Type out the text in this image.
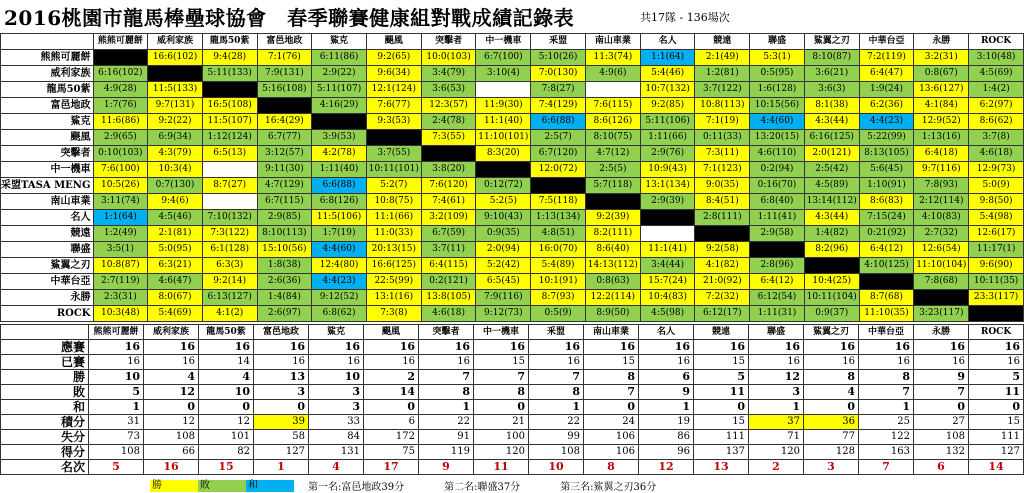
2016桃園市龍馬棒壘球協會　春季聯賽健康組對戰成績記錄表	共17隊 - 136場次
	熊熊可麗餅	威利家族	龍馬50紫	富邑地政	鯊克	颶風	突擊者	中一機車	釆盟	南山車業	名人	競遠	聯盛	鯊翼之刃	中華台亞	永勝	ROCK
熊熊可麗餅		16:6(102)	9:4(28)	7:1(76)	6:11(86)	9:2(65)	10:0(103)	6:7(100)	5:10(26)	11:3(74)	1:1(64)	2:1(49)	5:3(1)	8:10(87)	7:2(119)	3:2(31)	3:10(48)
威利家族	6:16(102)		5:11(133)	7:9(131)	2:9(22)	9:6(34)	3:4(79)	3:10(4)	7:0(130)	4:9(6)	5:4(46)	1:2(81)	0:5(95)	3:6(21)	6:4(47)	0:8(67)	4:5(69)
龍馬50紫	4:9(28)	11:5(133)		5:16(108)	5:11(107)	12:1(124)	3:6(53)		7:8(27)		10:7(132)	3:7(122)	1:6(128)	3:6(3)	1:9(24)	13:6(127)	1:4(2)
富邑地政	1:7(76)	9:7(131)	16:5(108)		4:16(29)	7:6(77)	12:3(57)	11:9(30)	7:4(129)	7:6(115)	9:2(85)	10:8(113)	10:15(56)	8:1(38)	6:2(36)	4:1(84)	6:2(97)
鯊克	11:6(86)	9:2(22)	11:5(107)	16:4(29)		9:3(53)	2:4(78)	11:1(40)	6:6(88)	8:6(126)	5:11(106)	7:1(19)	4:4(60)	4:3(44)	4:4(23)	12:9(52)	8:6(62)
颶風	2:9(65)	6:9(34)	1:12(124)	6:7(77)	3:9(53)		7:3(55)	11:10(101)	2:5(7)	8:10(75)	1:11(66)	0:11(33)	13:20(15)	6:16(125)	5:22(99)	1:13(16)	3:7(8)
突擊者	0:10(103)	4:3(79)	6:5(13)	3:12(57)	4:2(78)	3:7(55)		8:3(20)	6:7(120)	4:7(12)	2:9(76)	7:3(11)	4:6(110)	2:0(121)	8:13(105)	6:4(18)	4:6(18)
中一機車	7:6(100)	10:3(4)		9:11(30)	1:11(40)	10:11(101)	3:8(20)		12:0(72)	2:5(5)	10:9(43)	7:1(123)	0:2(94)	2:5(42)	5:6(45)	9:7(116)	12:9(73)
采盟TASA MENG	10:5(26)	0:7(130)	8:7(27)	4:7(129)	6:6(88)	5:2(7)	7:6(120)	0:12(72)		5:7(118)	13:1(134)	9:0(35)	0:16(70)	4:5(89)	1:10(91)	7:8(93)	5:0(9)
南山車業	3:11(74)	9:4(6)		6:7(115)	6:8(126)	10:8(75)	7:4(61)	5:2(5)	7:5(118)		2:9(39)	8:4(51)	6:8(40)	13:14(112)	8:6(83)	2:12(114)	9:8(50)
名人	1:1(64)	4:5(46)	7:10(132)	2:9(85)	11:5(106)	11:1(66)	3:2(109)	9:10(43)	1:13(134)	9:2(39)		2:8(111)	1:11(41)	4:3(44)	7:15(24)	4:10(83)	5:4(98)
競遠	1:2(49)	2:1(81)	7:3(122)	8:10(113)	1:7(19)	11:0(33)	6:7(59)	0:9(35)	4:8(51)	8:2(111)			2:9(58)	1:4(82)	0:21(92)	2:7(32)	12:6(17)
聯盛	3:5(1)	5:0(95)	6:1(128)	15:10(56)	4:4(60)	20:13(15)	3:7(11)	2:0(94)	16:0(70)	8:6(40)	11:1(41)	9:2(58)		8:2(96)	6:4(12)	12:6(54)	11:17(1)
鯊翼之刃	10:8(87)	6:3(21)	6:3(3)	1:8(38)	12:4(80)	16:6(125)	6:4(115)	5:2(42)	5:4(89)	14:13(112)	3:4(44)	4:1(82)	2:8(96)		4:10(125)	11:10(104)	9:6(90)
中華台亞	2:7(119)	4:6(47)	9:2(14)	2:6(36)	4:4(23)	22:5(99)	0:2(121)	6:5(45)	10:1(91)	0:8(63)	15:7(24)	21:0(92)	6:4(12)	10:4(25)		7:8(68)	10:11(35)
永勝	2:3(31)	8:0(67)	6:13(127)	1:4(84)	9:12(52)	13:1(16)	13:8(105)	7:9(116)	8:7(93)	12:2(114)	10:4(83)	7:2(32)	6:12(54)	10:11(104)	8:7(68)		23:3(117)
ROCK	10:3(48)	5:4(69)	4:1(2)	2:6(97)	6:8(62)	7:3(8)	4:6(18)	9:12(73)	0:5(9)	8:9(50)	4:5(98)	6:12(17)	1:11(31)	0:9(37)	11:10(35)	3:23(117)	
	熊熊可麗餅	威利家族	龍馬50紫	富邑地政	鯊克	颶風	突擊者	中一機車	釆盟	南山車業	名人	競遠	聯盛	鯊翼之刃	中華台亞	永勝	ROCK
應賽	16	16	16	16	16	16	16	16	16	16	16	16	16	16	16	16	16
已賽	16	16	14	16	16	16	16	15	16	15	16	15	16	16	16	16	16
勝	10	4	4	13	10	2	7	7	7	8	6	5	12	8	8	9	5
敗	5	12	10	3	3	14	8	8	8	7	9	11	3	4	7	7	11
和	1	0	0	0	3	0	1	0	1	0	1	0	1	0	1	0	0
積分	31	12	12	39	33	6	22	21	22	24	19	15	37	36	25	27	15
失分	73	108	101	58	84	172	91	100	99	106	86	111	71	77	122	108	111
得分	108	66	82	127	131	75	119	120	108	106	96	137	120	128	163	132	127
名次	5	16	15	1	4	17	9	11	10	8	12	13	2	3	7	6	14
勝	敗	和	第一名:富邑地政39分	第二名:聯盛37分	第三名:鯊翼之刃36分
